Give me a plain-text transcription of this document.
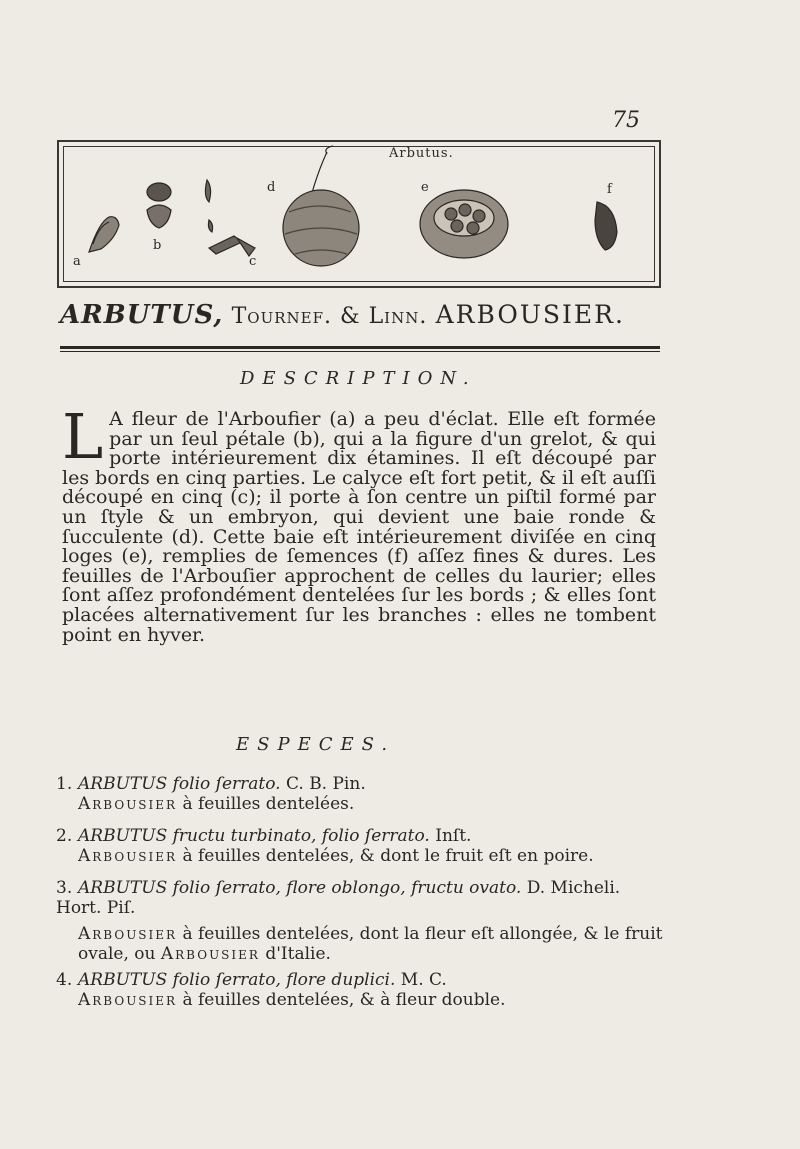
75
Arbutus.
a
b
c
d	e	f
ARBUTUS, Tournef. & Linn. ARBOUSIER.
DESCRIPTION.
L A fleur de l'Arboufier (a) a peu d'éclat. Elle eſt formée par un ſeul pétale (b), qui a la figure d'un grelot, & qui porte intérieurement dix étamines. Il eſt découpé par les bords en cinq parties. Le calyce eſt fort petit, & il eſt auſſi découpé en cinq (c); il porte à ſon centre un piſtil formé par un ſtyle & un embryon, qui devient une baie ronde & ſucculente (d). Cette baie eſt intérieurement diviſée en cinq loges (e), remplies de ſemences (f) aſſez fines & dures. Les feuilles de l'Arbouſier approchent de celles du laurier; elles ſont aſſez profondément dentelées ſur les bords ; & elles ſont placées alternativement ſur les branches : elles ne tombent point en hyver.
ESPECES.
1. ARBUTUS folio ſerrato. C. B. Pin.
Arbousier à feuilles dentelées.
2. ARBUTUS fructu turbinato, folio ſerrato. Inſt.
Arbousier à feuilles dentelées, & dont le fruit eſt en poire.
3. ARBUTUS folio ſerrato, flore oblongo, fructu ovato. D. Micheli. Hort. Piſ.
Arbousier à feuilles dentelées, dont la fleur eſt allongée, & le fruit ovale, ou Arbousier d'Italie.
4. ARBUTUS folio ſerrato, flore duplici. M. C.
Arbousier à feuilles dentelées, & à fleur double.
